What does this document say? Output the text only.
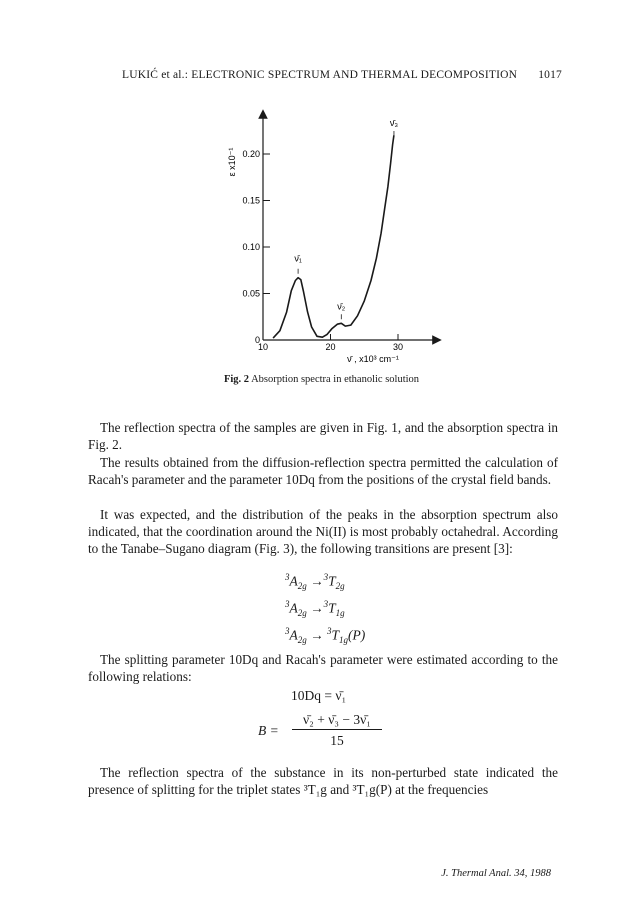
LUKIĆ et al.: ELECTRONIC SPECTRUM AND THERMAL DECOMPOSITION 1017
0
0.05
0.10
0.15
0.20
10	20	30
ε x10⁻¹
ν̄ , x10³ cm⁻¹
ν̄₁
ν̄₂
ν̄₃
Fig. 2 Absorption spectra in ethanolic solution
The reflection spectra of the samples are given in Fig. 1, and the absorption spectra in Fig. 2.
The results obtained from the diffusion-reflection spectra permitted the calculation of Racah's parameter and the parameter 10Dq from the positions of the crystal field bands.
It was expected, and the distribution of the peaks in the absorption spectrum also indicated, that the coordination around the Ni(II) is most probably octahedral. According to the Tanabe–Sugano diagram (Fig. 3), the following transitions are present [3]:
$^3A_{2g} \to^3T_{2g}$
$^3A_{2g} \to^3T_{1g}$
$^3A_{2g} \to ^3T_{1g}(P)$
The splitting parameter 10Dq and Racah's parameter were estimated according to the following relations:
10Dq = ν̄₁
B =
ν̄₂ + ν̄₃ − 3ν̄₁
15
The reflection spectra of the substance in its non-perturbed state indicated the presence of splitting for the triplet states ³T₁g and ³T₁g(P) at the frequencies
J. Thermal Anal. 34, 1988
